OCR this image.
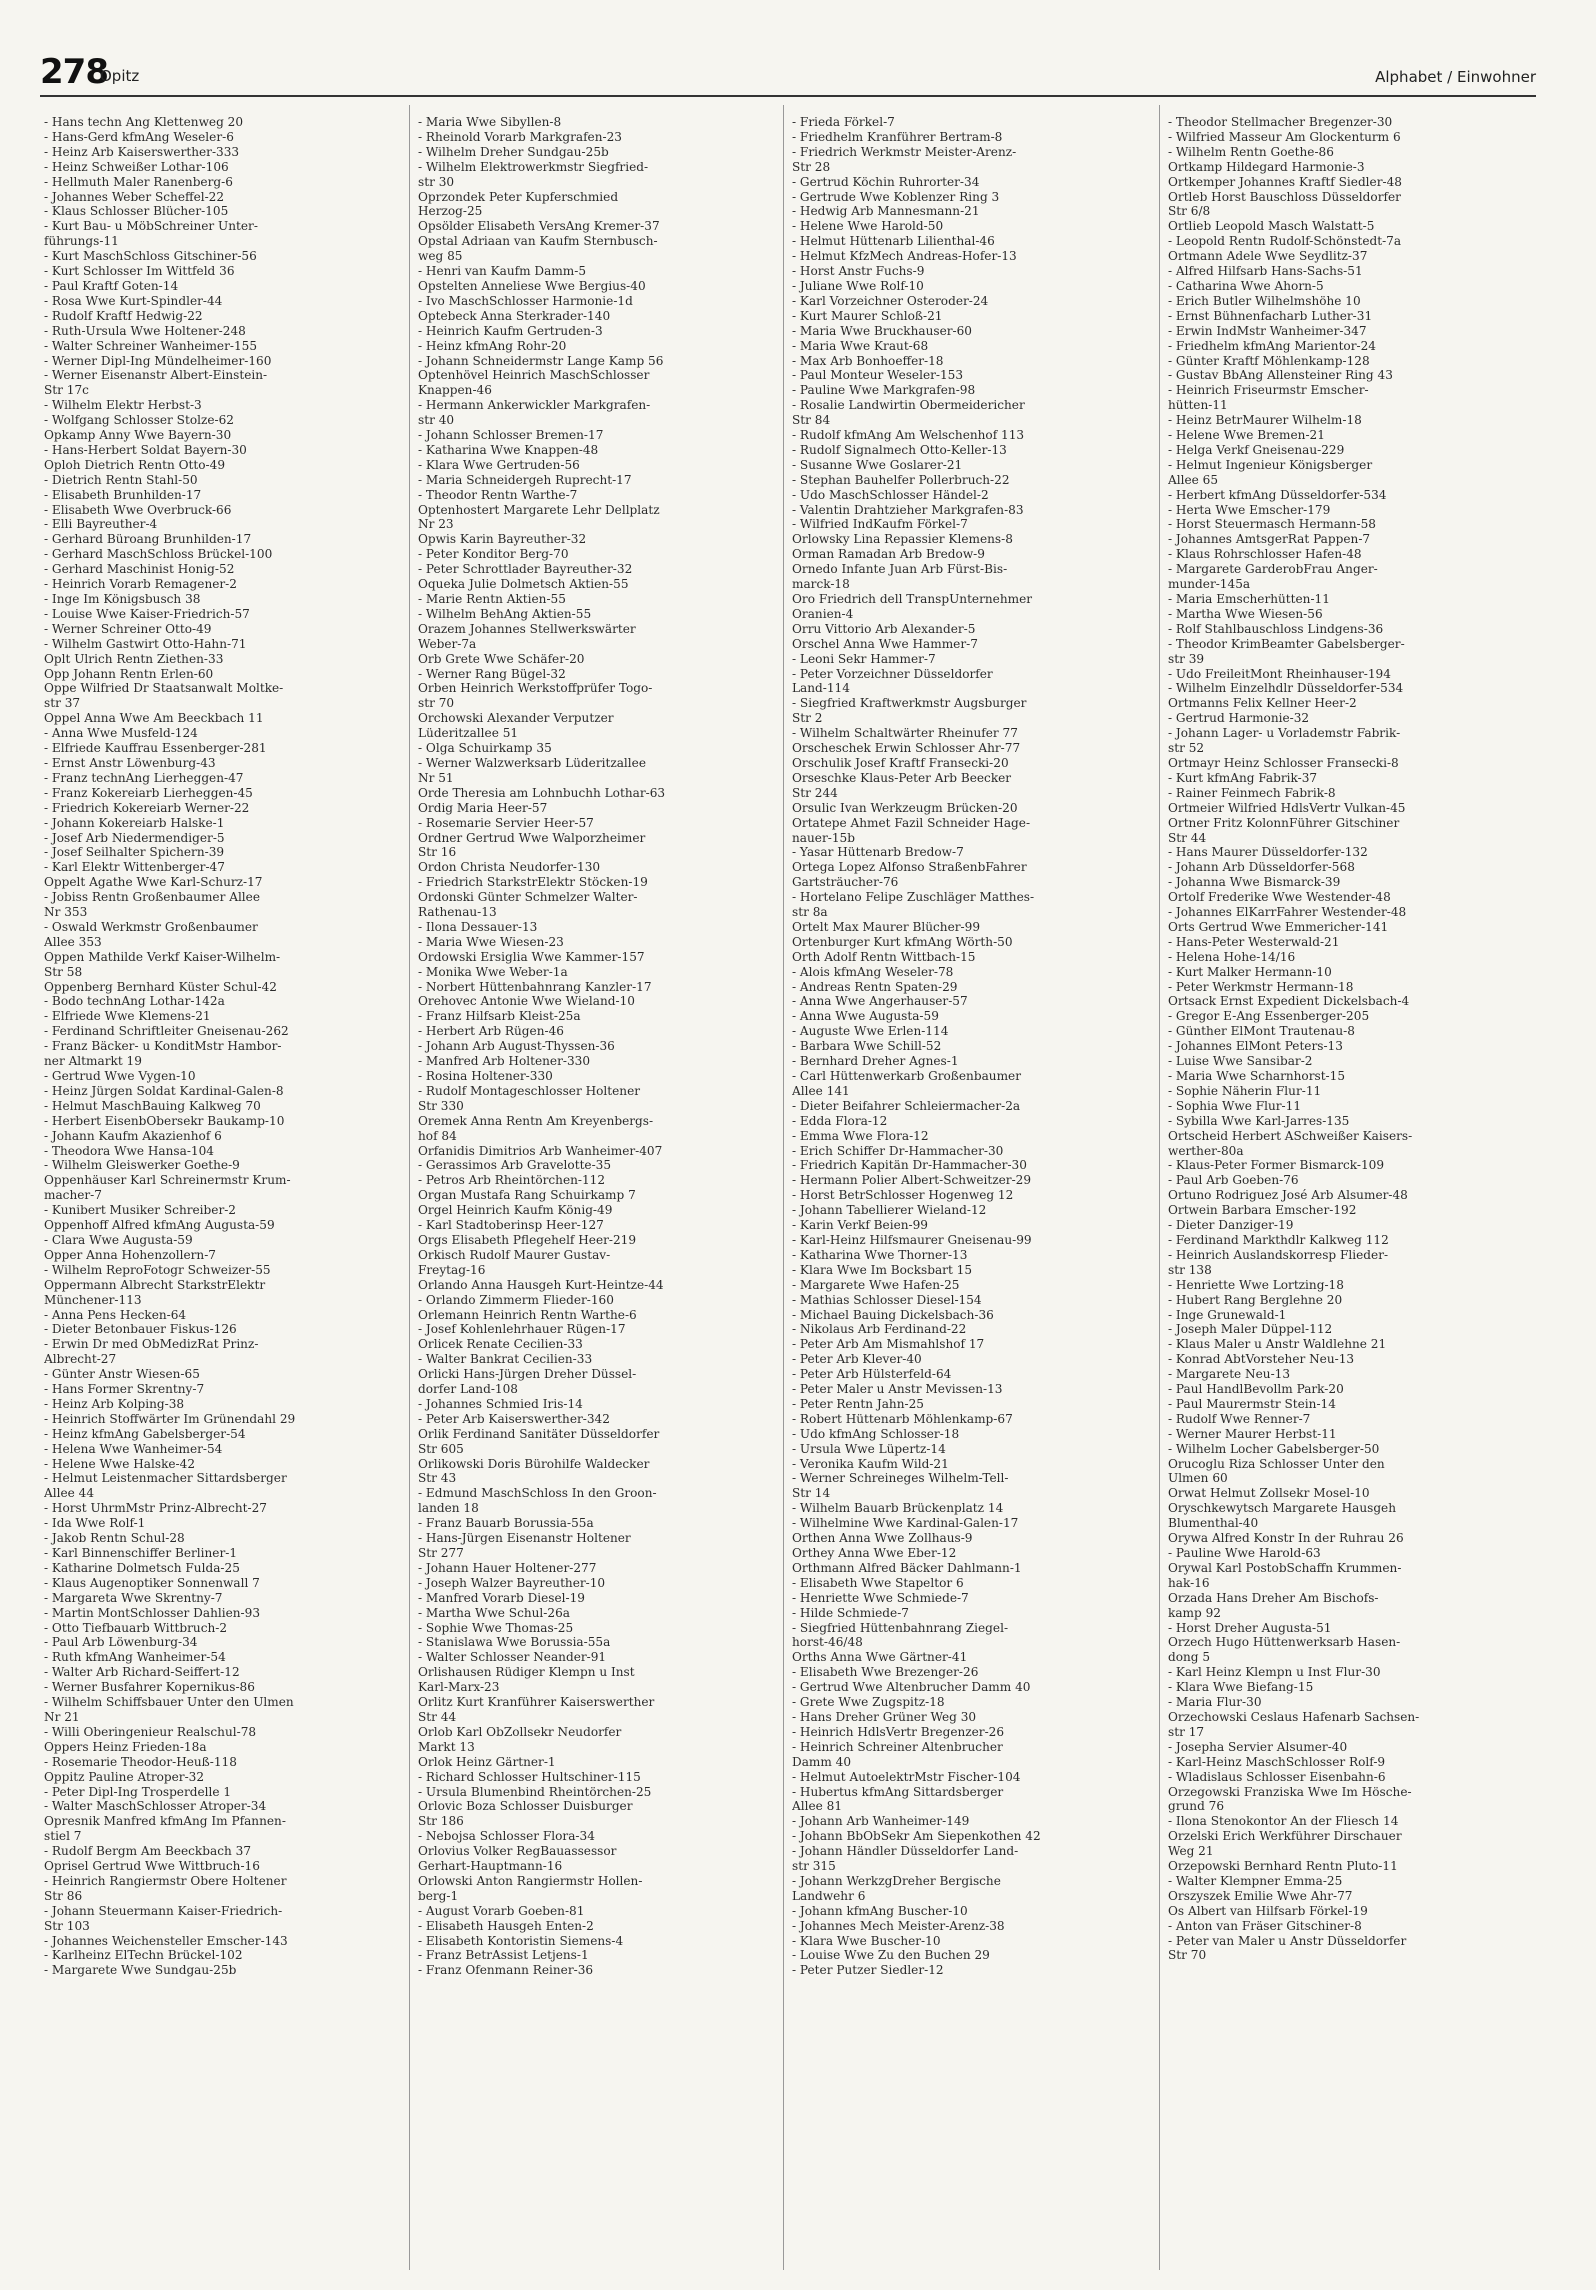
278
Opitz	Alphabet / Einwohner
- Hans techn Ang Klettenweg 20
- Hans-Gerd kfmAng Weseler-6
- Heinz Arb Kaiserswerther-333
- Heinz Schweißer Lothar-106
- Hellmuth Maler Ranenberg-6
- Johannes Weber Scheffel-22
- Klaus Schlosser Blücher-105
- Kurt Bau- u MöbSchreiner Unter-
führungs-11
- Kurt MaschSchloss Gitschiner-56
- Kurt Schlosser Im Wittfeld 36
- Paul Kraftf Goten-14
- Rosa Wwe Kurt-Spindler-44
- Rudolf Kraftf Hedwig-22
- Ruth-Ursula Wwe Holtener-248
- Walter Schreiner Wanheimer-155
- Werner Dipl-Ing Mündelheimer-160
- Werner Eisenanstr Albert-Einstein-
Str 17c
- Wilhelm Elektr Herbst-3
- Wolfgang Schlosser Stolze-62
Opkamp Anny Wwe Bayern-30
- Hans-Herbert Soldat Bayern-30
Oploh Dietrich Rentn Otto-49
- Dietrich Rentn Stahl-50
- Elisabeth Brunhilden-17
- Elisabeth Wwe Overbruck-66
- Elli Bayreuther-4
- Gerhard Büroang Brunhilden-17
- Gerhard MaschSchloss Brückel-100
- Gerhard Maschinist Honig-52
- Heinrich Vorarb Remagener-2
- Inge Im Königsbusch 38
- Louise Wwe Kaiser-Friedrich-57
- Werner Schreiner Otto-49
- Wilhelm Gastwirt Otto-Hahn-71
Oplt Ulrich Rentn Ziethen-33
Opp Johann Rentn Erlen-60
Oppe Wilfried Dr Staatsanwalt Moltke-
str 37
Oppel Anna Wwe Am Beeckbach 11
- Anna Wwe Musfeld-124
- Elfriede Kauffrau Essenberger-281
- Ernst Anstr Löwenburg-43
- Franz technAng Lierheggen-47
- Franz Kokereiarb Lierheggen-45
- Friedrich Kokereiarb Werner-22
- Johann Kokereiarb Halske-1
- Josef Arb Niedermendiger-5
- Josef Seilhalter Spichern-39
- Karl Elektr Wittenberger-47
Oppelt Agathe Wwe Karl-Schurz-17
- Jobiss Rentn Großenbaumer Allee
Nr 353
- Oswald Werkmstr Großenbaumer
Allee 353
Oppen Mathilde Verkf Kaiser-Wilhelm-
Str 58
Oppenberg Bernhard Küster Schul-42
- Bodo technAng Lothar-142a
- Elfriede Wwe Klemens-21
- Ferdinand Schriftleiter Gneisenau-262
- Franz Bäcker- u KonditMstr Hambor-
ner Altmarkt 19
- Gertrud Wwe Vygen-10
- Heinz Jürgen Soldat Kardinal-Galen-8
- Helmut MaschBauing Kalkweg 70
- Herbert EisenbObersekr Baukamp-10
- Johann Kaufm Akazienhof 6
- Theodora Wwe Hansa-104
- Wilhelm Gleiswerker Goethe-9
Oppenhäuser Karl Schreinermstr Krum-
macher-7
- Kunibert Musiker Schreiber-2
Oppenhoff Alfred kfmAng Augusta-59
- Clara Wwe Augusta-59
Opper Anna Hohenzollern-7
- Wilhelm ReproFotogr Schweizer-55
Oppermann Albrecht StarkstrElektr
Münchener-113
- Anna Pens Hecken-64
- Dieter Betonbauer Fiskus-126
- Erwin Dr med ObMedizRat Prinz-
Albrecht-27
- Günter Anstr Wiesen-65
- Hans Former Skrentny-7
- Heinz Arb Kolping-38
- Heinrich Stoffwärter Im Grünendahl 29
- Heinz kfmAng Gabelsberger-54
- Helena Wwe Wanheimer-54
- Helene Wwe Halske-42
- Helmut Leistenmacher Sittardsberger
Allee 44
- Horst UhrmMstr Prinz-Albrecht-27
- Ida Wwe Rolf-1
- Jakob Rentn Schul-28
- Karl Binnenschiffer Berliner-1
- Katharine Dolmetsch Fulda-25
- Klaus Augenoptiker Sonnenwall 7
- Margareta Wwe Skrentny-7
- Martin MontSchlosser Dahlien-93
- Otto Tiefbauarb Wittbruch-2
- Paul Arb Löwenburg-34
- Ruth kfmAng Wanheimer-54
- Walter Arb Richard-Seiffert-12
- Werner Busfahrer Kopernikus-86
- Wilhelm Schiffsbauer Unter den Ulmen
Nr 21
- Willi Oberingenieur Realschul-78
Oppers Heinz Frieden-18a
- Rosemarie Theodor-Heuß-118
Oppitz Pauline Atroper-32
- Peter Dipl-Ing Trosperdelle 1
- Walter MaschSchlosser Atroper-34
Opresnik Manfred kfmAng Im Pfannen-
stiel 7
- Rudolf Bergm Am Beeckbach 37
Oprisel Gertrud Wwe Wittbruch-16
- Heinrich Rangiermstr Obere Holtener
Str 86
- Johann Steuermann Kaiser-Friedrich-
Str 103
- Johannes Weichensteller Emscher-143
- Karlheinz ElTechn Brückel-102
- Margarete Wwe Sundgau-25b
- Maria Wwe Sibyllen-8
- Rheinold Vorarb Markgrafen-23
- Wilhelm Dreher Sundgau-25b
- Wilhelm Elektrowerkmstr Siegfried-
str 30
Oprzondek Peter Kupferschmied
Herzog-25
Opsölder Elisabeth VersAng Kremer-37
Opstal Adriaan van Kaufm Sternbusch-
weg 85
- Henri van Kaufm Damm-5
Opstelten Anneliese Wwe Bergius-40
- Ivo MaschSchlosser Harmonie-1d
Optebeck Anna Sterkrader-140
- Heinrich Kaufm Gertruden-3
- Heinz kfmAng Rohr-20
- Johann Schneidermstr Lange Kamp 56
Optenhövel Heinrich MaschSchlosser
Knappen-46
- Hermann Ankerwickler Markgrafen-
str 40
- Johann Schlosser Bremen-17
- Katharina Wwe Knappen-48
- Klara Wwe Gertruden-56
- Maria Schneidergeh Ruprecht-17
- Theodor Rentn Warthe-7
Optenhostert Margarete Lehr Dellplatz
Nr 23
Opwis Karin Bayreuther-32
- Peter Konditor Berg-70
- Peter Schrottlader Bayreuther-32
Oqueka Julie Dolmetsch Aktien-55
- Marie Rentn Aktien-55
- Wilhelm BehAng Aktien-55
Orazem Johannes Stellwerkswärter
Weber-7a
Orb Grete Wwe Schäfer-20
- Werner Rang Bügel-32
Orben Heinrich Werkstoffprüfer Togo-
str 70
Orchowski Alexander Verputzer
Lüderitzallee 51
- Olga Schuirkamp 35
- Werner Walzwerksarb Lüderitzallee
Nr 51
Orde Theresia am Lohnbuchh Lothar-63
Ordig Maria Heer-57
- Rosemarie Servier Heer-57
Ordner Gertrud Wwe Walporzheimer
Str 16
Ordon Christa Neudorfer-130
- Friedrich StarkstrElektr Stöcken-19
Ordonski Günter Schmelzer Walter-
Rathenau-13
- Ilona Dessauer-13
- Maria Wwe Wiesen-23
Ordowski Ersiglia Wwe Kammer-157
- Monika Wwe Weber-1a
- Norbert Hüttenbahnrang Kanzler-17
Orehovec Antonie Wwe Wieland-10
- Franz Hilfsarb Kleist-25a
- Herbert Arb Rügen-46
- Johann Arb August-Thyssen-36
- Manfred Arb Holtener-330
- Rosina Holtener-330
- Rudolf Montageschlosser Holtener
Str 330
Oremek Anna Rentn Am Kreyenbergs-
hof 84
Orfanidis Dimitrios Arb Wanheimer-407
- Gerassimos Arb Gravelotte-35
- Petros Arb Rheintörchen-112
Organ Mustafa Rang Schuirkamp 7
Orgel Heinrich Kaufm König-49
- Karl Stadtoberinsp Heer-127
Orgs Elisabeth Pflegehelf Heer-219
Orkisch Rudolf Maurer Gustav-
Freytag-16
Orlando Anna Hausgeh Kurt-Heintze-44
- Orlando Zimmerm Flieder-160
Orlemann Heinrich Rentn Warthe-6
- Josef Kohlenlehrhauer Rügen-17
Orlicek Renate Cecilien-33
- Walter Bankrat Cecilien-33
Orlicki Hans-Jürgen Dreher Düssel-
dorfer Land-108
- Johannes Schmied Iris-14
- Peter Arb Kaiserswerther-342
Orlik Ferdinand Sanitäter Düsseldorfer
Str 605
Orlikowski Doris Bürohilfe Waldecker
Str 43
- Edmund MaschSchloss In den Groon-
landen 18
- Franz Bauarb Borussia-55a
- Hans-Jürgen Eisenanstr Holtener
Str 277
- Johann Hauer Holtener-277
- Joseph Walzer Bayreuther-10
- Manfred Vorarb Diesel-19
- Martha Wwe Schul-26a
- Sophie Wwe Thomas-25
- Stanislawa Wwe Borussia-55a
- Walter Schlosser Neander-91
Orlishausen Rüdiger Klempn u Inst
Karl-Marx-23
Orlitz Kurt Kranführer Kaiserswerther
Str 44
Orlob Karl ObZollsekr Neudorfer
Markt 13
Orlok Heinz Gärtner-1
- Richard Schlosser Hultschiner-115
- Ursula Blumenbind Rheintörchen-25
Orlovic Boza Schlosser Duisburger
Str 186
- Nebojsa Schlosser Flora-34
Orlovius Volker RegBauassessor
Gerhart-Hauptmann-16
Orlowski Anton Rangiermstr Hollen-
berg-1
- August Vorarb Goeben-81
- Elisabeth Hausgeh Enten-2
- Elisabeth Kontoristin Siemens-4
- Franz BetrAssist Letjens-1
- Franz Ofenmann Reiner-36
- Frieda Förkel-7
- Friedhelm Kranführer Bertram-8
- Friedrich Werkmstr Meister-Arenz-
Str 28
- Gertrud Köchin Ruhrorter-34
- Gertrude Wwe Koblenzer Ring 3
- Hedwig Arb Mannesmann-21
- Helene Wwe Harold-50
- Helmut Hüttenarb Lilienthal-46
- Helmut KfzMech Andreas-Hofer-13
- Horst Anstr Fuchs-9
- Juliane Wwe Rolf-10
- Karl Vorzeichner Osteroder-24
- Kurt Maurer Schloß-21
- Maria Wwe Bruckhauser-60
- Maria Wwe Kraut-68
- Max Arb Bonhoeffer-18
- Paul Monteur Weseler-153
- Pauline Wwe Markgrafen-98
- Rosalie Landwirtin Obermeidericher
Str 84
- Rudolf kfmAng Am Welschenhof 113
- Rudolf Signalmech Otto-Keller-13
- Susanne Wwe Goslarer-21
- Stephan Bauhelfer Pollerbruch-22
- Udo MaschSchlosser Händel-2
- Valentin Drahtzieher Markgrafen-83
- Wilfried IndKaufm Förkel-7
Orlowsky Lina Repassier Klemens-8
Orman Ramadan Arb Bredow-9
Ornedo Infante Juan Arb Fürst-Bis-
marck-18
Oro Friedrich dell TranspUnternehmer
Oranien-4
Orru Vittorio Arb Alexander-5
Orschel Anna Wwe Hammer-7
- Leoni Sekr Hammer-7
- Peter Vorzeichner Düsseldorfer
Land-114
- Siegfried Kraftwerkmstr Augsburger
Str 2
- Wilhelm Schaltwärter Rheinufer 77
Orscheschek Erwin Schlosser Ahr-77
Orschulik Josef Kraftf Fransecki-20
Orseschke Klaus-Peter Arb Beecker
Str 244
Orsulic Ivan Werkzeugm Brücken-20
Ortatepe Ahmet Fazil Schneider Hage-
nauer-15b
- Yasar Hüttenarb Bredow-7
Ortega Lopez Alfonso StraßenbFahrer
Gartsträucher-76
- Hortelano Felipe Zuschläger Matthes-
str 8a
Ortelt Max Maurer Blücher-99
Ortenburger Kurt kfmAng Wörth-50
Orth Adolf Rentn Wittbach-15
- Alois kfmAng Weseler-78
- Andreas Rentn Spaten-29
- Anna Wwe Angerhauser-57
- Anna Wwe Augusta-59
- Auguste Wwe Erlen-114
- Barbara Wwe Schill-52
- Bernhard Dreher Agnes-1
- Carl Hüttenwerkarb Großenbaumer
Allee 141
- Dieter Beifahrer Schleiermacher-2a
- Edda Flora-12
- Emma Wwe Flora-12
- Erich Schiffer Dr-Hammacher-30
- Friedrich Kapitän Dr-Hammacher-30
- Hermann Polier Albert-Schweitzer-29
- Horst BetrSchlosser Hogenweg 12
- Johann Tabellierer Wieland-12
- Karin Verkf Beien-99
- Karl-Heinz Hilfsmaurer Gneisenau-99
- Katharina Wwe Thorner-13
- Klara Wwe Im Bocksbart 15
- Margarete Wwe Hafen-25
- Mathias Schlosser Diesel-154
- Michael Bauing Dickelsbach-36
- Nikolaus Arb Ferdinand-22
- Peter Arb Am Mismahlshof 17
- Peter Arb Klever-40
- Peter Arb Hülsterfeld-64
- Peter Maler u Anstr Mevissen-13
- Peter Rentn Jahn-25
- Robert Hüttenarb Möhlenkamp-67
- Udo kfmAng Schlosser-18
- Ursula Wwe Lüpertz-14
- Veronika Kaufm Wild-21
- Werner Schreineges Wilhelm-Tell-
Str 14
- Wilhelm Bauarb Brückenplatz 14
- Wilhelmine Wwe Kardinal-Galen-17
Orthen Anna Wwe Zollhaus-9
Orthey Anna Wwe Eber-12
Orthmann Alfred Bäcker Dahlmann-1
- Elisabeth Wwe Stapeltor 6
- Henriette Wwe Schmiede-7
- Hilde Schmiede-7
- Siegfried Hüttenbahnrang Ziegel-
horst-46/48
Orths Anna Wwe Gärtner-41
- Elisabeth Wwe Brezenger-26
- Gertrud Wwe Altenbrucher Damm 40
- Grete Wwe Zugspitz-18
- Hans Dreher Grüner Weg 30
- Heinrich HdlsVertr Bregenzer-26
- Heinrich Schreiner Altenbrucher
Damm 40
- Helmut AutoelektrMstr Fischer-104
- Hubertus kfmAng Sittardsberger
Allee 81
- Johann Arb Wanheimer-149
- Johann BbObSekr Am Siepenkothen 42
- Johann Händler Düsseldorfer Land-
str 315
- Johann WerkzgDreher Bergische
Landwehr 6
- Johann kfmAng Buscher-10
- Johannes Mech Meister-Arenz-38
- Klara Wwe Buscher-10
- Louise Wwe Zu den Buchen 29
- Peter Putzer Siedler-12
- Theodor Stellmacher Bregenzer-30
- Wilfried Masseur Am Glockenturm 6
- Wilhelm Rentn Goethe-86
Ortkamp Hildegard Harmonie-3
Ortkemper Johannes Kraftf Siedler-48
Ortleb Horst Bauschloss Düsseldorfer
Str 6/8
Ortlieb Leopold Masch Walstatt-5
- Leopold Rentn Rudolf-Schönstedt-7a
Ortmann Adele Wwe Seydlitz-37
- Alfred Hilfsarb Hans-Sachs-51
- Catharina Wwe Ahorn-5
- Erich Butler Wilhelmshöhe 10
- Ernst Bühnenfacharb Luther-31
- Erwin IndMstr Wanheimer-347
- Friedhelm kfmAng Marientor-24
- Günter Kraftf Möhlenkamp-128
- Gustav BbAng Allensteiner Ring 43
- Heinrich Friseurmstr Emscher-
hütten-11
- Heinz BetrMaurer Wilhelm-18
- Helene Wwe Bremen-21
- Helga Verkf Gneisenau-229
- Helmut Ingenieur Königsberger
Allee 65
- Herbert kfmAng Düsseldorfer-534
- Herta Wwe Emscher-179
- Horst Steuermasch Hermann-58
- Johannes AmtsgerRat Pappen-7
- Klaus Rohrschlosser Hafen-48
- Margarete GarderobFrau Anger-
munder-145a
- Maria Emscherhütten-11
- Martha Wwe Wiesen-56
- Rolf Stahlbauschloss Lindgens-36
- Theodor KrimBeamter Gabelsberger-
str 39
- Udo FreileitMont Rheinhauser-194
- Wilhelm Einzelhdlr Düsseldorfer-534
Ortmanns Felix Kellner Heer-2
- Gertrud Harmonie-32
- Johann Lager- u Vorlademstr Fabrik-
str 52
Ortmayr Heinz Schlosser Fransecki-8
- Kurt kfmAng Fabrik-37
- Rainer Feinmech Fabrik-8
Ortmeier Wilfried HdlsVertr Vulkan-45
Ortner Fritz KolonnFührer Gitschiner
Str 44
- Hans Maurer Düsseldorfer-132
- Johann Arb Düsseldorfer-568
- Johanna Wwe Bismarck-39
Ortolf Frederike Wwe Westender-48
- Johannes ElKarrFahrer Westender-48
Orts Gertrud Wwe Emmericher-141
- Hans-Peter Westerwald-21
- Helena Hohe-14/16
- Kurt Malker Hermann-10
- Peter Werkmstr Hermann-18
Ortsack Ernst Expedient Dickelsbach-4
- Gregor E-Ang Essenberger-205
- Günther ElMont Trautenau-8
- Johannes ElMont Peters-13
- Luise Wwe Sansibar-2
- Maria Wwe Scharnhorst-15
- Sophie Näherin Flur-11
- Sophia Wwe Flur-11
- Sybilla Wwe Karl-Jarres-135
Ortscheid Herbert ASchweißer Kaisers-
werther-80a
- Klaus-Peter Former Bismarck-109
- Paul Arb Goeben-76
Ortuno Rodriguez José Arb Alsumer-48
Ortwein Barbara Emscher-192
- Dieter Danziger-19
- Ferdinand Markthdlr Kalkweg 112
- Heinrich Auslandskorresp Flieder-
str 138
- Henriette Wwe Lortzing-18
- Hubert Rang Berglehne 20
- Inge Grunewald-1
- Joseph Maler Düppel-112
- Klaus Maler u Anstr Waldlehne 21
- Konrad AbtVorsteher Neu-13
- Margarete Neu-13
- Paul HandlBevollm Park-20
- Paul Maurermstr Stein-14
- Rudolf Wwe Renner-7
- Werner Maurer Herbst-11
- Wilhelm Locher Gabelsberger-50
Orucoglu Riza Schlosser Unter den
Ulmen 60
Orwat Helmut Zollsekr Mosel-10
Oryschkewytsch Margarete Hausgeh
Blumenthal-40
Orywa Alfred Konstr In der Ruhrau 26
- Pauline Wwe Harold-63
Orywal Karl PostobSchaffn Krummen-
hak-16
Orzada Hans Dreher Am Bischofs-
kamp 92
- Horst Dreher Augusta-51
Orzech Hugo Hüttenwerksarb Hasen-
dong 5
- Karl Heinz Klempn u Inst Flur-30
- Klara Wwe Biefang-15
- Maria Flur-30
Orzechowski Ceslaus Hafenarb Sachsen-
str 17
- Josepha Servier Alsumer-40
- Karl-Heinz MaschSchlosser Rolf-9
- Wladislaus Schlosser Eisenbahn-6
Orzegowski Franziska Wwe Im Hösche-
grund 76
- Ilona Stenokontor An der Fliesch 14
Orzelski Erich Werkführer Dirschauer
Weg 21
Orzepowski Bernhard Rentn Pluto-11
- Walter Klempner Emma-25
Orszyszek Emilie Wwe Ahr-77
Os Albert van Hilfsarb Förkel-19
- Anton van Fräser Gitschiner-8
- Peter van Maler u Anstr Düsseldorfer
Str 70
